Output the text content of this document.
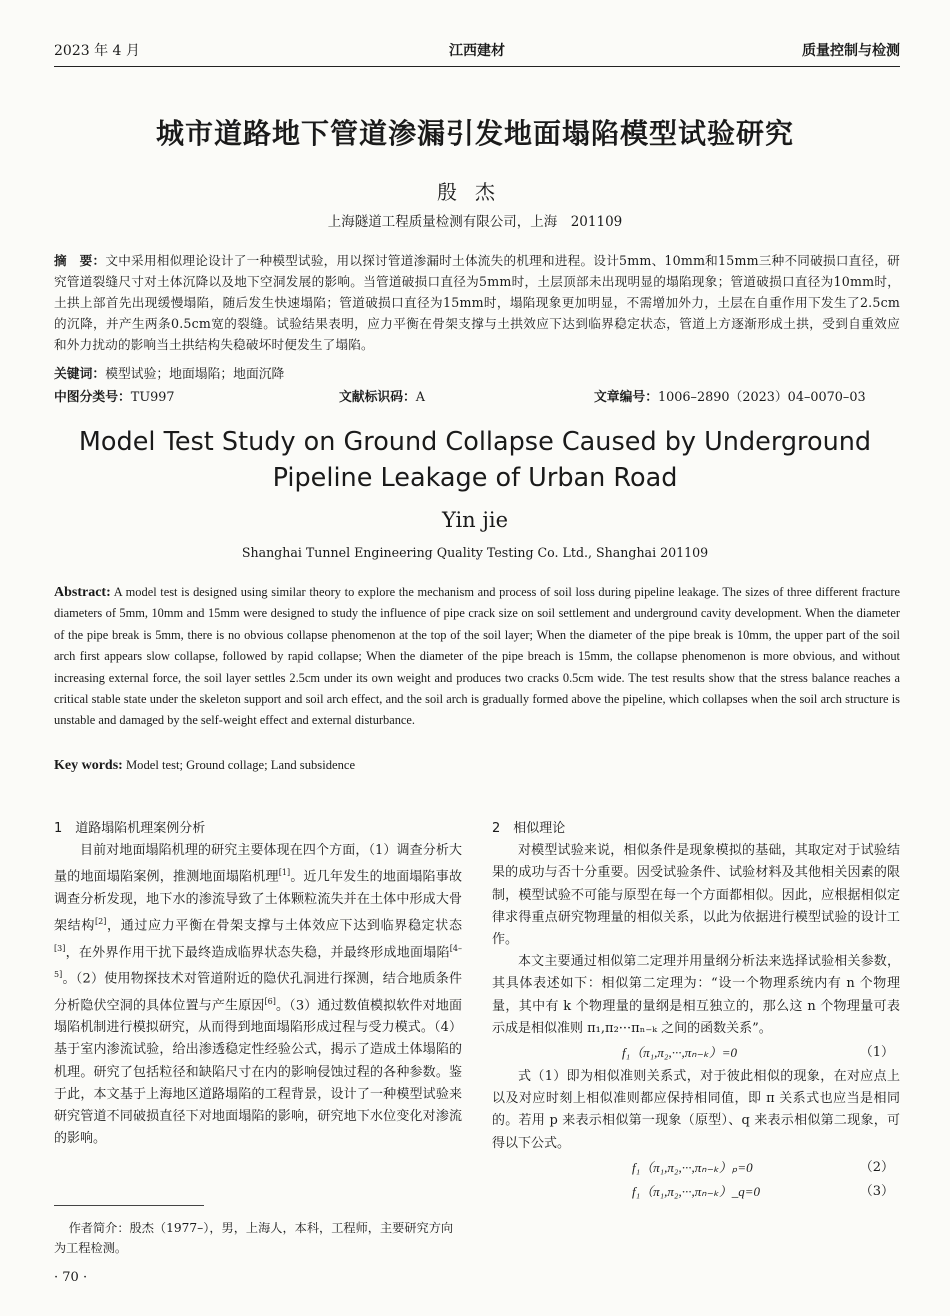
2023 年 4 月	江西建材	质量控制与检测
城市道路地下管道渗漏引发地面塌陷模型试验研究
殷杰
上海隧道工程质量检测有限公司，上海　201109
摘　要：文中采用相似理论设计了一种模型试验，用以探讨管道渗漏时土体流失的机理和进程。设计5mm、10mm和15mm三种不同破损口直径，研究管道裂缝尺寸对土体沉降以及地下空洞发展的影响。当管道破损口直径为5mm时，土层顶部未出现明显的塌陷现象；管道破损口直径为10mm时，土拱上部首先出现缓慢塌陷，随后发生快速塌陷；管道破损口直径为15mm时，塌陷现象更加明显，不需增加外力，土层在自重作用下发生了2.5cm的沉降，并产生两条0.5cm宽的裂缝。试验结果表明，应力平衡在骨架支撑与土拱效应下达到临界稳定状态，管道上方逐渐形成土拱，受到自重效应和外力扰动的影响当土拱结构失稳破坏时便发生了塌陷。
关键词：模型试验；地面塌陷；地面沉降
中图分类号：TU997	文献标识码：A	文章编号：1006–2890（2023）04–0070–03
Model Test Study on Ground Collapse Caused by Underground Pipeline Leakage of Urban Road
Yin jie
Shanghai Tunnel Engineering Quality Testing Co. Ltd., Shanghai 201109
Abstract: A model test is designed using similar theory to explore the mechanism and process of soil loss during pipeline leakage. The sizes of three different fracture diameters of 5mm, 10mm and 15mm were designed to study the influence of pipe crack size on soil settlement and underground cavity development. When the diameter of the pipe break is 5mm, there is no obvious collapse phenomenon at the top of the soil layer; When the diameter of the pipe break is 10mm, the upper part of the soil arch first appears slow collapse, followed by rapid collapse; When the diameter of the pipe breach is 15mm, the collapse phenomenon is more obvious, and without increasing external force, the soil layer settles 2.5cm under its own weight and produces two cracks 0.5cm wide. The test results show that the stress balance reaches a critical stable state under the skeleton support and soil arch effect, and the soil arch is gradually formed above the pipeline, which collapses when the soil arch structure is unstable and damaged by the self-weight effect and external disturbance.
Key words: Model test; Ground collage; Land subsidence
1　道路塌陷机理案例分析

目前对地面塌陷机理的研究主要体现在四个方面，（1）调查分析大量的地面塌陷案例，推测地面塌陷机理[1]。近几年发生的地面塌陷事故调查分析发现，地下水的渗流导致了土体颗粒流失并在土体中形成大骨架结构[2]，通过应力平衡在骨架支撑与土体效应下达到临界稳定状态[3]，在外界作用干扰下最终造成临界状态失稳，并最终形成地面塌陷[4–5]。（2）使用物探技术对管道附近的隐伏孔洞进行探测，结合地质条件分析隐伏空洞的具体位置与产生原因[6]。（3）通过数值模拟软件对地面塌陷机制进行模拟研究，从而得到地面塌陷形成过程与受力模式。（4）基于室内渗流试验，给出渗透稳定性经验公式，揭示了造成土体塌陷的机理。研究了包括粒径和缺陷尺寸在内的影响侵蚀过程的各种参数。鉴于此，本文基于上海地区道路塌陷的工程背景，设计了一种模型试验来研究管道不同破损直径下对地面塌陷的影响，研究地下水位变化对渗流的影响。

2　相似理论

对模型试验来说，相似条件是现象模拟的基础，其取定对于试验结果的成功与否十分重要。因受试验条件、试验材料及其他相关因素的限制，模型试验不可能与原型在每一个方面都相似。因此，应根据相似定律求得重点研究物理量的相似关系，以此为依据进行模型试验的设计工作。

本文主要通过相似第二定理并用量纲分析法来选择试验相关参数，其具体表述如下：相似第二定理为：“设一个物理系统内有 n 个物理量，其中有 k 个物理量的量纲是相互独立的，那么这 n 个物理量可表示成是相似准则 π₁,π₂···πₙ₋ₖ 之间的函数关系”。

f₁（π₁,π₂,···,πₙ₋ₖ）=0	（1）

式（1）即为相似准则关系式，对于彼此相似的现象，在对应点上以及对应时刻上相似准则都应保持相同值，即 π 关系式也应当是相同的。若用 p 来表示相似第一现象（原型）、q 来表示相似第二现象，可得以下公式。

f₁（π₁,π₂,···,πₙ₋ₖ）ₚ=0	（2）
f₁（π₁,π₂,···,πₙ₋ₖ）_q=0	（3）
作者简介：殷杰（1977–），男，上海人，本科，工程师，主要研究方向为工程检测。
· 70 ·
